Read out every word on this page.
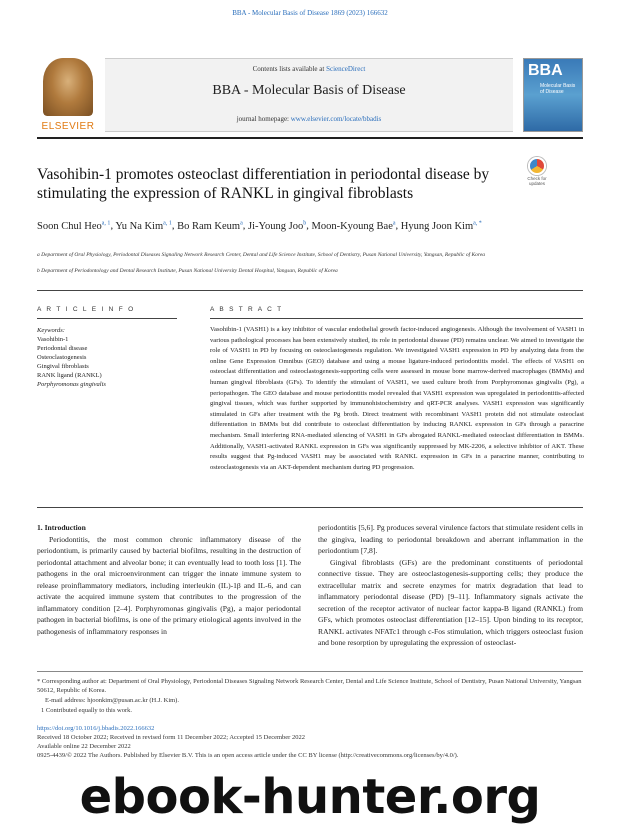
BBA - Molecular Basis of Disease 1869 (2023) 166632
ELSEVIER
Contents lists available at ScienceDirect
BBA - Molecular Basis of Disease
journal homepage: www.elsevier.com/locate/bbadis
BBA
Molecular Basis of Disease
Vasohibin-1 promotes osteoclast differentiation in periodontal disease by stimulating the expression of RANKL in gingival fibroblasts
Check for updates
Soon Chul Heo$^{a, 1}$, Yu Na Kim$^{a, 1}$, Bo Ram Keum$^a$, Ji-Young Joo$^b$, Moon-Kyoung Bae$^a$, Hyung Joon Kim$^{a, *}$
a Department of Oral Physiology, Periodontal Diseases Signaling Network Research Center, Dental and Life Science Institute, School of Dentistry, Pusan National University, Yangsan, Republic of Korea
b Department of Periodontology and Dental Research Institute, Pusan National University Dental Hospital, Yangsan, Republic of Korea
A R T I C L E I N F O	A B S T R A C T
Keywords:
Vasohibin-1
Periodontal disease
Osteoclastogenesis
Gingival fibroblasts
RANK ligand (RANKL)
Porphyromonas gingivalis
Vasohibin-1 (VASH1) is a key inhibitor of vascular endothelial growth factor-induced angiogenesis. Although the involvement of VASH1 in various pathological processes has been extensively studied, its role in periodontal disease (PD) remains unclear. We aimed to investigate the role of VASH1 in PD by focusing on osteoclastogenesis regulation. We investigated VASH1 expression in PD by analyzing data from the online Gene Expression Omnibus (GEO) database and using a mouse ligature-induced periodontitis model. The effects of VASH1 on osteoclast differentiation and osteoclastogenesis-supporting cells were assessed in mouse bone marrow-derived macrophages (BMMs) and human gingival fibroblasts (GFs). To identify the stimulant of VASH1, we used culture broth from Porphyromonas gingivalis (Pg), a periopathogen. The GEO database and mouse periodontitis model revealed that VASH1 expression was upregulated in periodontitis-affected gingival tissues, which was further supported by immunohistochemistry and qRT-PCR analyses. VASH1 expression was significantly stimulated in GFs after treatment with the Pg broth. Direct treatment with recombinant VASH1 protein did not stimulate osteoclast differentiation in BMMs but did contribute to osteoclast differentiation by inducing RANKL expression in GFs through a paracrine mechanism. Small interfering RNA-mediated silencing of VASH1 in GFs abrogated RANKL-mediated osteoclast differentiation in BMMs. Additionally, VASH1-activated RANKL expression in GFs was significantly suppressed by MK-2206, a selective inhibitor of AKT. These results suggest that Pg-induced VASH1 may be associated with RANKL expression in GFs in a paracrine manner, contributing to osteoclastogenesis via an AKT-dependent mechanism during PD progression.

1. Introduction

Periodontitis, the most common chronic inflammatory disease of the periodontium, is primarily caused by bacterial biofilms, resulting in the destruction of periodontal attachment and alveolar bone; it can eventually lead to tooth loss [1]. The pathogens in the oral microenvironment can trigger the innate immune system to release proinflammatory mediators, including interleukin (IL)-1β and IL-6, and can activate the acquired immune system that contributes to the progression of the inflammatory condition [2–4]. Porphyromonas gingivalis (Pg), a major periodontal pathogen in bacterial biofilms, is one of the primary etiological agents involved in the pathogenesis of inflammatory responses in

periodontitis [5,6]. Pg produces several virulence factors that stimulate resident cells in the gingiva, leading to periodontal breakdown and aberrant inflammation in the periodontium [7,8].

Gingival fibroblasts (GFs) are the predominant constituents of periodontal connective tissue. They are osteoclastogenesis-supporting cells; they produce the extracellular matrix and secrete enzymes for matrix degradation that lead to inflammatory periodontal disease (PD) [9–11]. Inflammatory signals activate the secretion of the receptor activator of nuclear factor kappa-B ligand (RANKL) from GFs, which promotes osteoclast differentiation [12–15]. Upon binding to its receptor, RANKL activates NFATc1 through c-Fos stimulation, which triggers osteoclast fusion and bone resorption by upregulating the expression of osteoclast-

* Corresponding author at: Department of Oral Physiology, Periodontal Diseases Signaling Network Research Center, Dental and Life Science Institute, School of Dentistry, Pusan National University, Yangsan 50612, Republic of Korea.

E-mail address: hjoonkim@pusan.ac.kr (H.J. Kim).

1 Contributed equally to this work.

https://doi.org/10.1016/j.bbadis.2022.166632
Received 18 October 2022; Received in revised form 11 December 2022; Accepted 15 December 2022
Available online 22 December 2022
0925-4439/© 2022 The Authors. Published by Elsevier B.V. This is an open access article under the CC BY license (http://creativecommons.org/licenses/by/4.0/).
ebook-hunter.org
